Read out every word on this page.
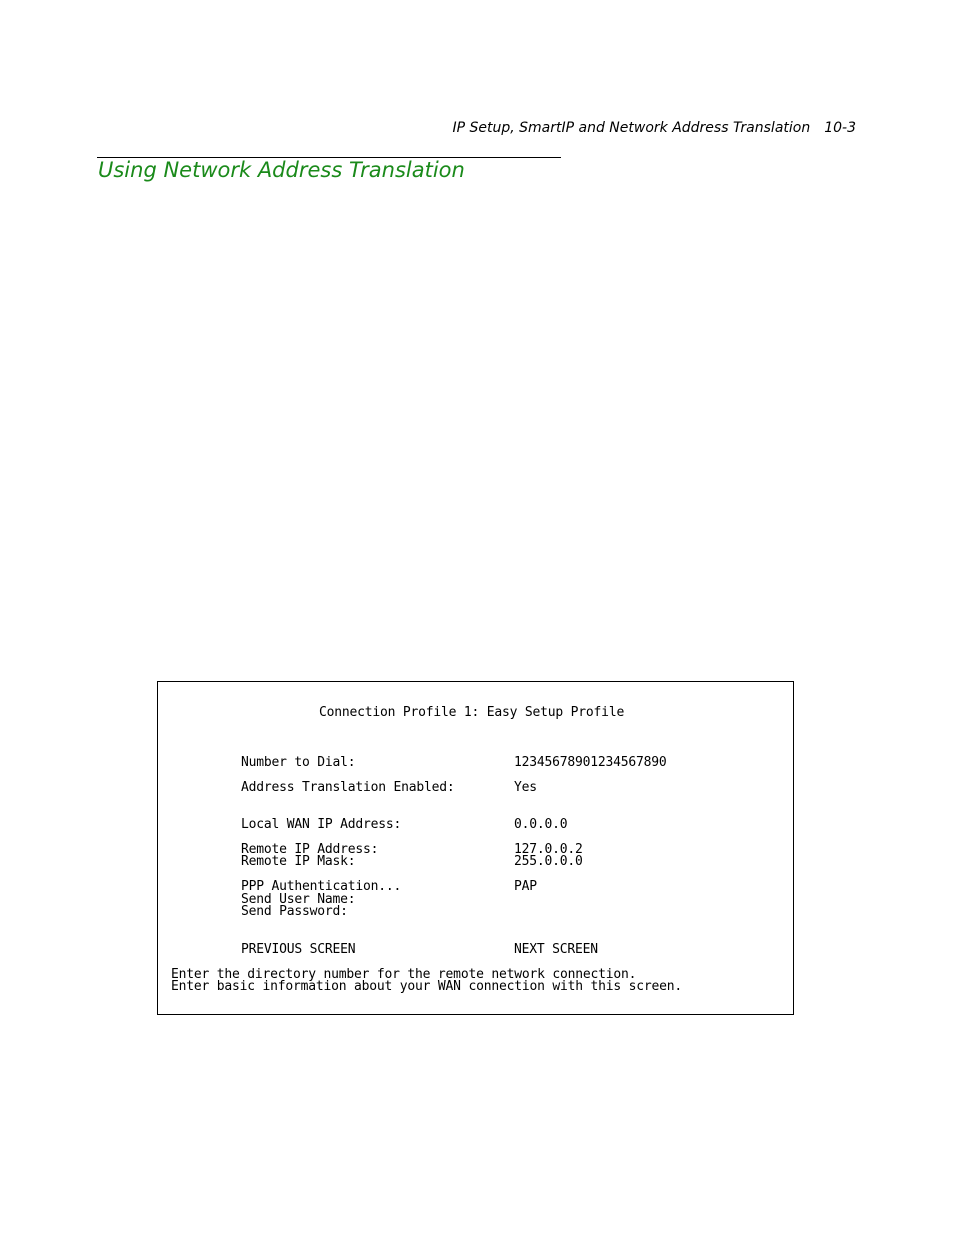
IP Setup, SmartIP and Network Address Translation 10-3
Using Network Address Translation
Connection Profile 1: Easy Setup Profile
Number to Dial:	12345678901234567890
Address Translation Enabled:	Yes
Local WAN IP Address:	0.0.0.0
Remote IP Address:	127.0.0.2
Remote IP Mask:	255.0.0.0
PPP Authentication...	PAP
Send User Name:
Send Password:
PREVIOUS SCREEN	NEXT SCREEN
Enter the directory number for the remote network connection.
Enter basic information about your WAN connection with this screen.
